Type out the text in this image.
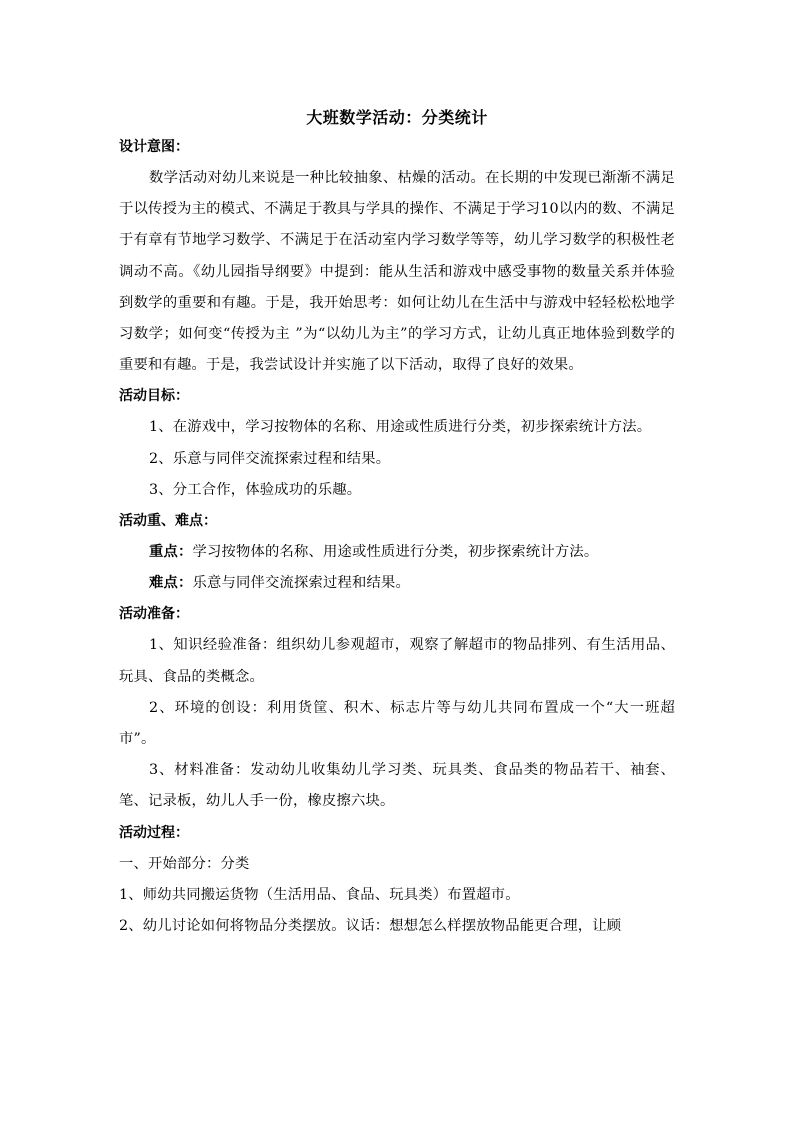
大班数学活动：分类统计

设计意图：

数学活动对幼儿来说是一种比较抽象、枯燥的活动。在长期的中发现已渐渐不满足于以传授为主的模式、不满足于教具与学具的操作、不满足于学习10以内的数、不满足于有章有节地学习数学、不满足于在活动室内学习数学等等，幼儿学习数学的积极性老调动不高。《幼儿园指导纲要》中提到：能从生活和游戏中感受事物的数量关系并体验到数学的重要和有趣。于是，我开始思考：如何让幼儿在生活中与游戏中轻轻松松地学习数学；如何变“传授为主 ”为“以幼儿为主”的学习方式，让幼儿真正地体验到数学的重要和有趣。于是，我尝试设计并实施了以下活动，取得了良好的效果。

活动目标：

1、在游戏中，学习按物体的名称、用途或性质进行分类，初步探索统计方法。

2、乐意与同伴交流探索过程和结果。

3、分工合作，体验成功的乐趣。

活动重、难点：

重点：学习按物体的名称、用途或性质进行分类，初步探索统计方法。

难点：乐意与同伴交流探索过程和结果。

活动准备：

1、知识经验准备：组织幼儿参观超市，观察了解超市的物品排列、有生活用品、玩具、食品的类概念。

2、环境的创设：利用货筐、积木、标志片等与幼儿共同布置成一个“大一班超市”。

3、材料准备：发动幼儿收集幼儿学习类、玩具类、食品类的物品若干、袖套、笔、记录板，幼儿人手一份，橡皮擦六块。

活动过程：

一、开始部分：分类

1、师幼共同搬运货物（生活用品、食品、玩具类）布置超市。

2、幼儿讨论如何将物品分类摆放。议话：想想怎么样摆放物品能更合理，让顾
